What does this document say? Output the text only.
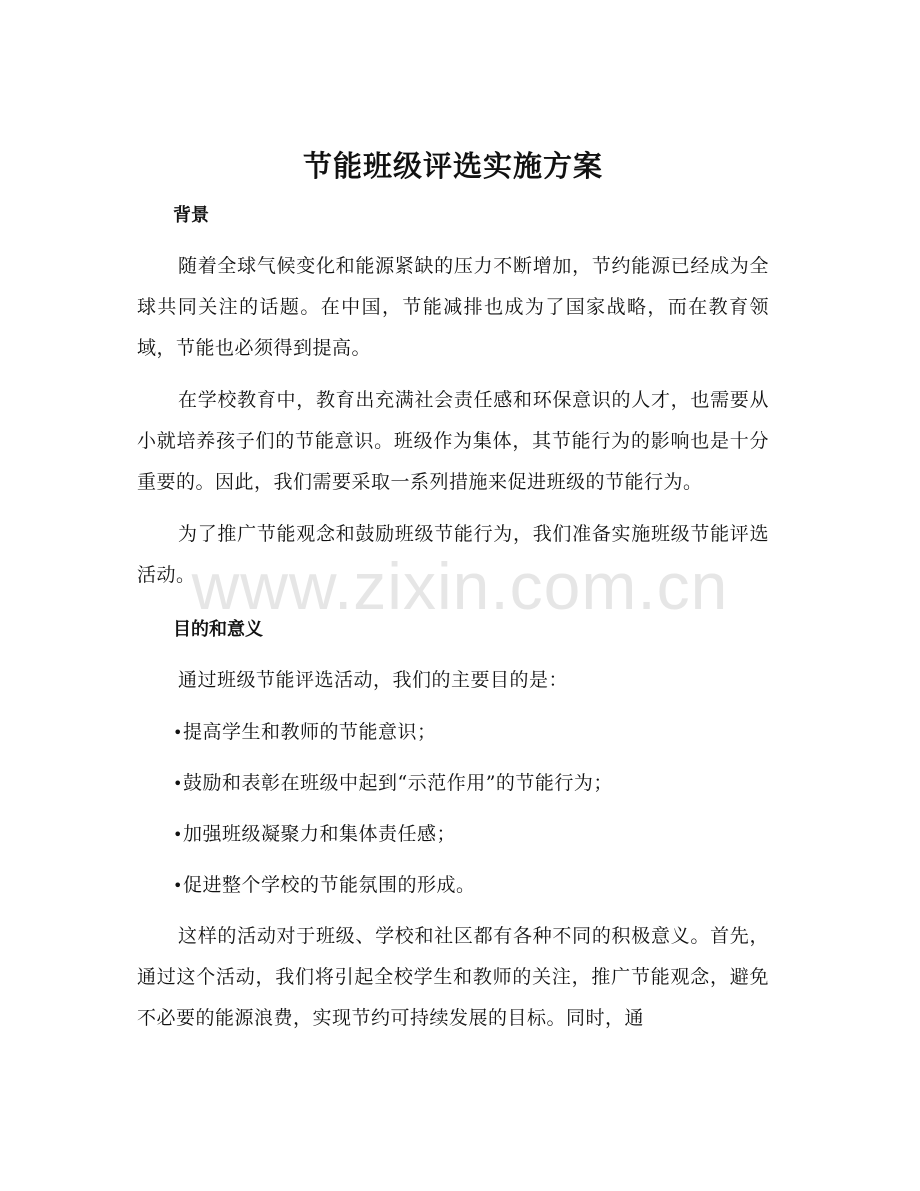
www.zixin.com.cn
节能班级评选实施方案
背景

随着全球气候变化和能源紧缺的压力不断增加，节约能源已经成为全球共同关注的话题。在中国，节能减排也成为了国家战略，而在教育领域，节能也必须得到提高。

在学校教育中，教育出充满社会责任感和环保意识的人才，也需要从小就培养孩子们的节能意识。班级作为集体，其节能行为的影响也是十分重要的。因此，我们需要采取一系列措施来促进班级的节能行为。

为了推广节能观念和鼓励班级节能行为，我们准备实施班级节能评选活动。

目的和意义

通过班级节能评选活动，我们的主要目的是：

•提高学生和教师的节能意识；
•鼓励和表彰在班级中起到“示范作用”的节能行为；
•加强班级凝聚力和集体责任感；
•促进整个学校的节能氛围的形成。

这样的活动对于班级、学校和社区都有各种不同的积极意义。首先，通过这个活动，我们将引起全校学生和教师的关注，推广节能观念，避免不必要的能源浪费，实现节约可持续发展的目标。同时，通
